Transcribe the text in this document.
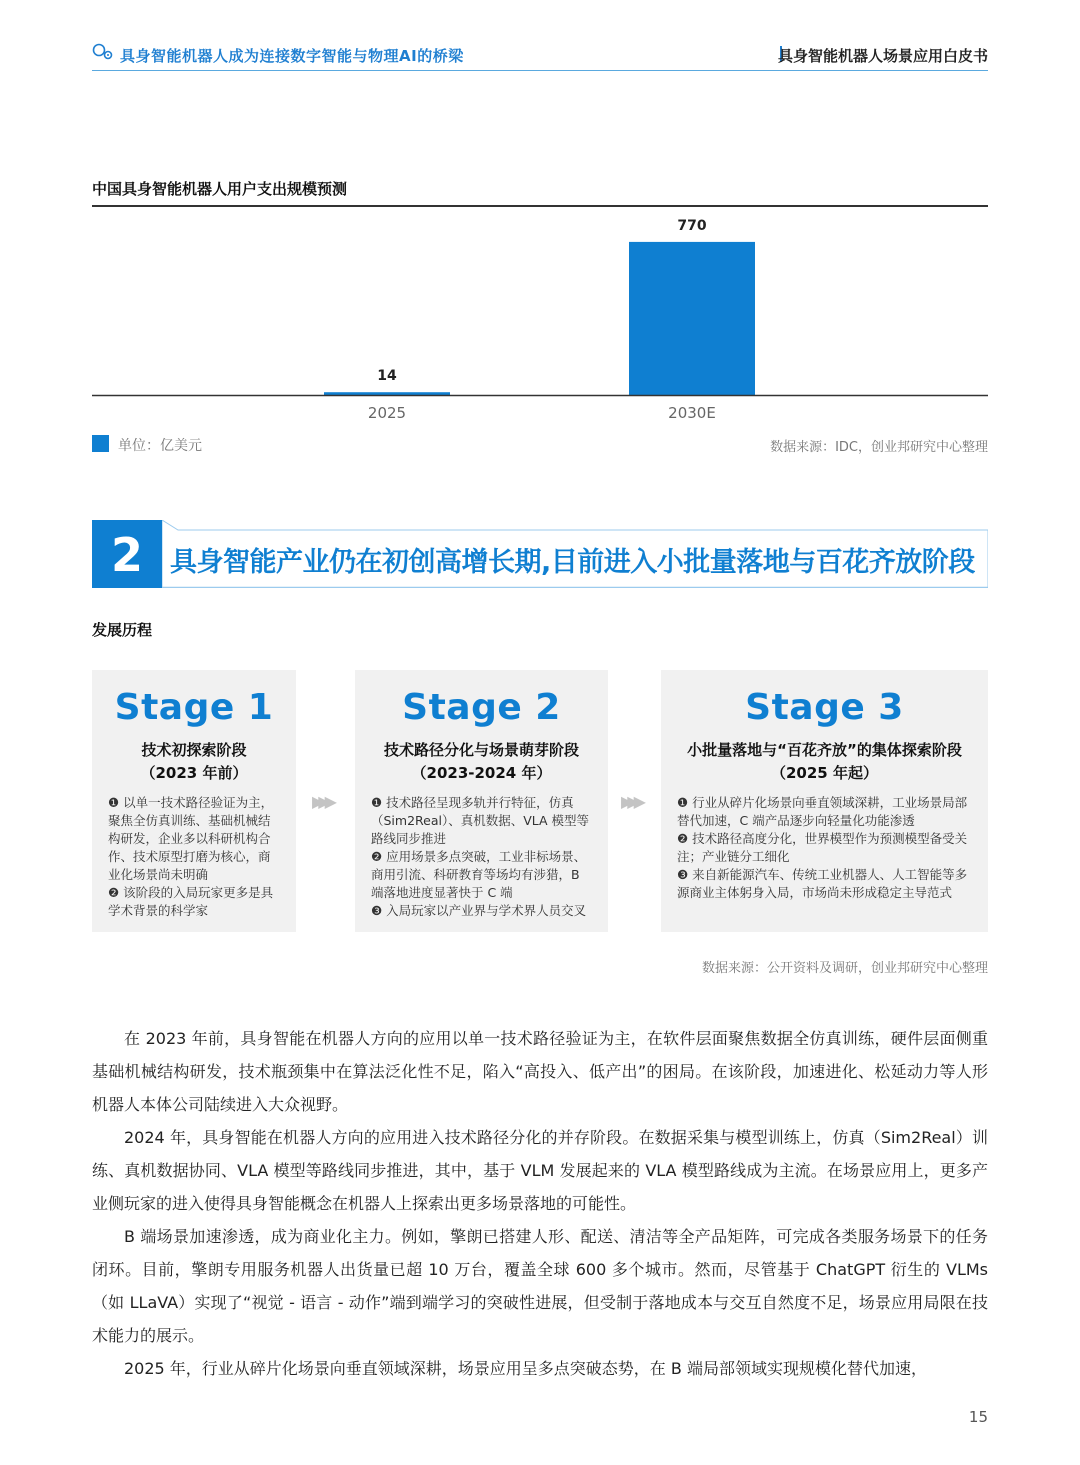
具身智能机器人成为连接数字智能与物理AI的桥梁	具身智能机器人场景应用白皮书
中国具身智能机器人用户支出规模预测
14
2025
770
2030E
单位：亿美元	数据来源：IDC，创业邦研究中心整理
2	具身智能产业仍在初创高增长期,目前进入小批量落地与百花齐放阶段
发展历程
Stage 1
技术初探索阶段
（2023 年前）
❶ 以单一技术路径验证为主，聚焦全仿真训练、基础机械结构研发，企业多以科研机构合作、技术原型打磨为核心，商业化场景尚未明确
❷ 该阶段的入局玩家更多是具学术背景的科学家
▶▶▶
Stage 2
技术路径分化与场景萌芽阶段
（2023-2024 年）
❶ 技术路径呈现多轨并行特征，仿真（Sim2Real）、真机数据、VLA 模型等路线同步推进
❷ 应用场景多点突破，工业非标场景、商用引流、科研教育等场均有涉猎，B 端落地进度显著快于 C 端
❸ 入局玩家以产业界与学术界人员交叉
▶▶▶
Stage 3
小批量落地与“百花齐放”的集体探索阶段
（2025 年起）
❶ 行业从碎片化场景向垂直领域深耕，工业场景局部替代加速，C 端产品逐步向轻量化功能渗透
❷ 技术路径高度分化，世界模型作为预测模型备受关注；产业链分工细化
❸ 来自新能源汽车、传统工业机器人、人工智能等多源商业主体躬身入局，市场尚未形成稳定主导范式
数据来源：公开资料及调研，创业邦研究中心整理

在 2023 年前，具身智能在机器人方向的应用以单一技术路径验证为主，在软件层面聚焦数据全仿真训练，硬件层面侧重基础机械结构研发，技术瓶颈集中在算法泛化性不足，陷入“高投入、低产出”的困局。在该阶段，加速进化、松延动力等人形机器人本体公司陆续进入大众视野。

2024 年，具身智能在机器人方向的应用进入技术路径分化的并存阶段。在数据采集与模型训练上，仿真（Sim2Real）训练、真机数据协同、VLA 模型等路线同步推进，其中，基于 VLM 发展起来的 VLA 模型路线成为主流。在场景应用上，更多产业侧玩家的进入使得具身智能概念在机器人上探索出更多场景落地的可能性。

B 端场景加速渗透，成为商业化主力。例如，擎朗已搭建人形、配送、清洁等全产品矩阵，可完成各类服务场景下的任务闭环。目前，擎朗专用服务机器人出货量已超 10 万台，覆盖全球 600 多个城市。然而，尽管基于 ChatGPT 衍生的 VLMs（如 LLaVA）实现了“视觉 - 语言 - 动作”端到端学习的突破性进展，但受制于落地成本与交互自然度不足，场景应用局限在技术能力的展示。

2025 年，行业从碎片化场景向垂直领域深耕，场景应用呈多点突破态势，在 B 端局部领域实现规模化替代加速，

15
